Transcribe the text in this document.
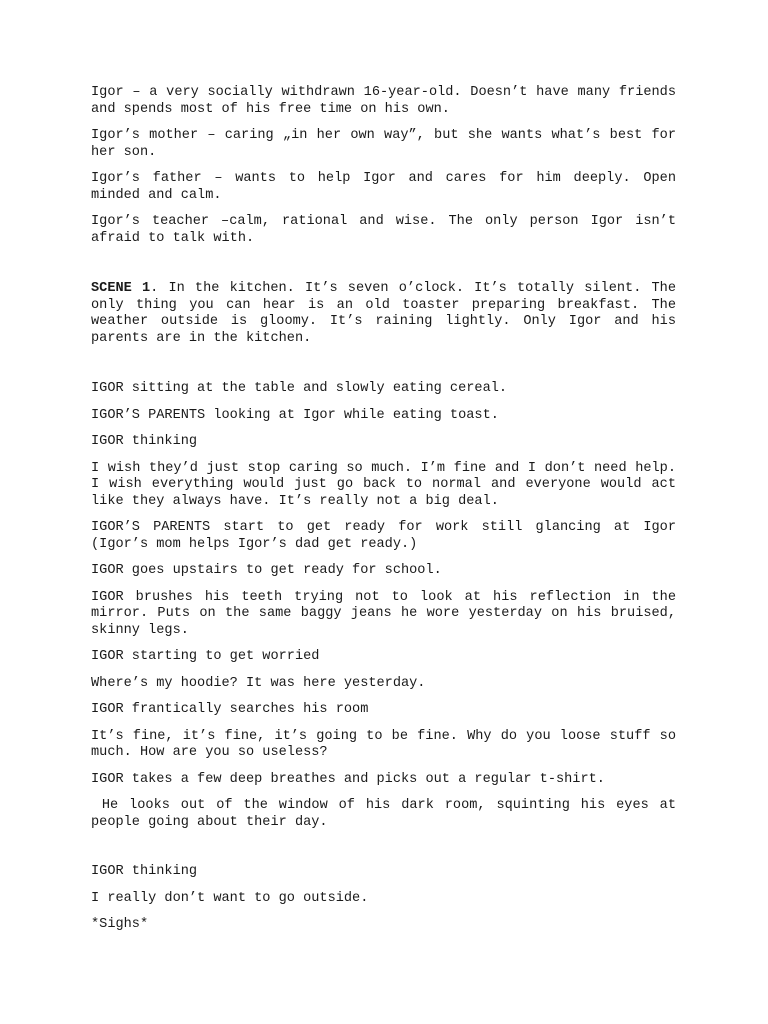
Igor – a very socially withdrawn 16-year-old. Doesn’t have many friends and spends most of his free time on his own.

Igor’s mother – caring „in her own way”, but she wants what’s best for her son.

Igor’s father – wants to help Igor and cares for him deeply. Open minded and calm.

Igor’s teacher –calm, rational and wise. The only person Igor isn’t afraid to talk with.

SCENE 1. In the kitchen. It’s seven o’clock. It’s totally silent. The only thing you can hear is an old toaster preparing breakfast. The weather outside is gloomy. It’s raining lightly. Only Igor and his parents are in the kitchen.

IGOR sitting at the table and slowly eating cereal.

IGOR’S PARENTS looking at Igor while eating toast.

IGOR thinking

I wish they’d just stop caring so much. I’m fine and I don’t need help. I wish everything would just go back to normal and everyone would act like they always have. It’s really not a big deal.

IGOR’S PARENTS start to get ready for work still glancing at Igor (Igor’s mom helps Igor’s dad get ready.)

IGOR goes upstairs to get ready for school.

IGOR brushes his teeth trying not to look at his reflection in the mirror. Puts on the same baggy jeans he wore yesterday on his bruised, skinny legs.

IGOR starting to get worried

Where’s my hoodie? It was here yesterday.

IGOR frantically searches his room

It’s fine, it’s fine, it’s going to be fine. Why do you loose stuff so much. How are you so useless?

IGOR takes a few deep breathes and picks out a regular t-shirt.

He looks out of the window of his dark room, squinting his eyes at people going about their day.

IGOR thinking

I really don’t want to go outside.

*Sighs*
